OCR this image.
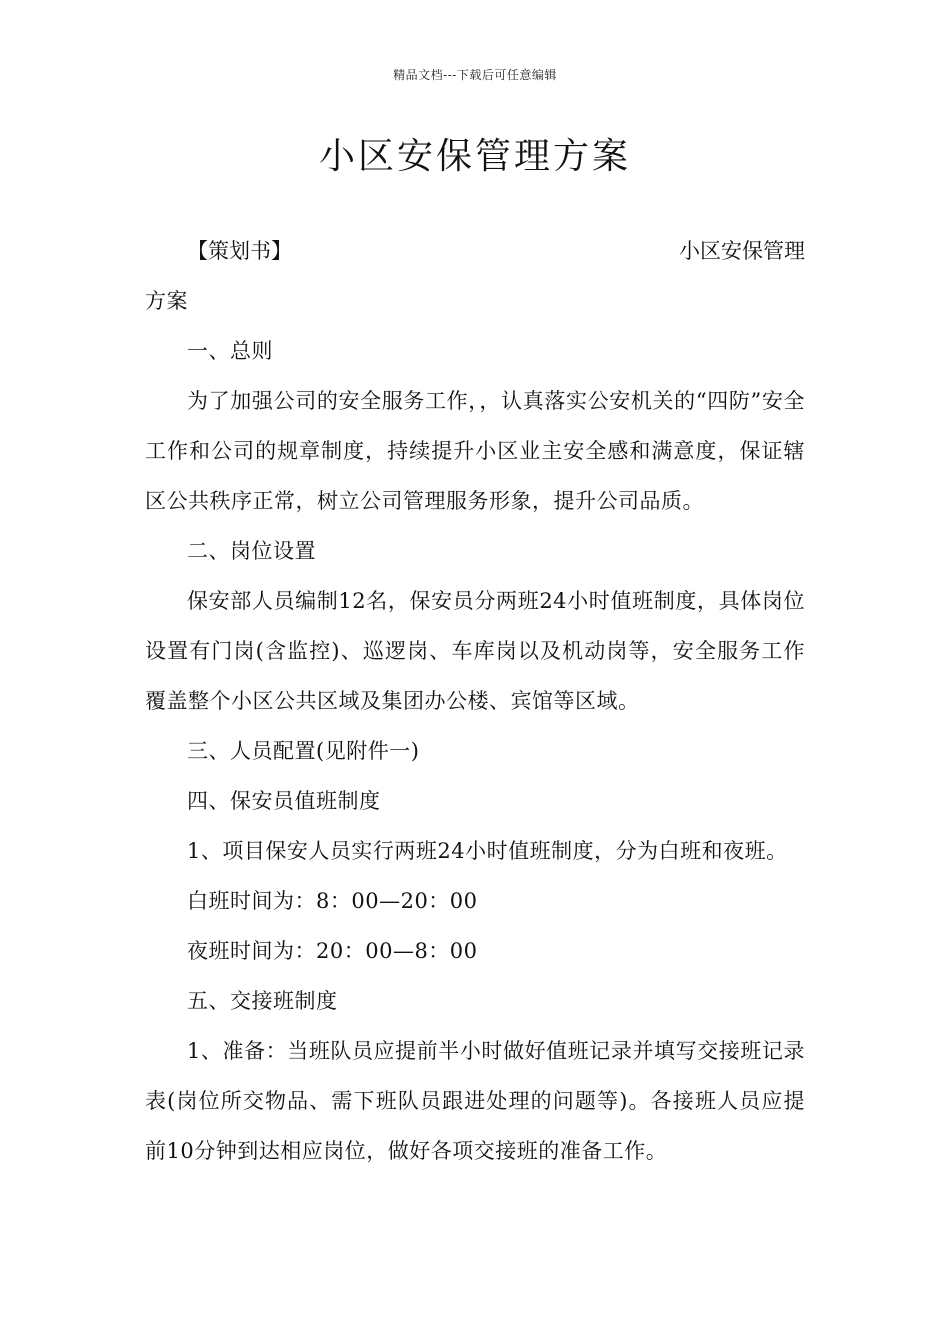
精品文档---下载后可任意编辑
小区安保管理方案
【策划书】	小区安保管理

方案

一、总则

为了加强公司的安全服务工作，，认真落实公安机关的“四防”安全工作和公司的规章制度，持续提升小区业主安全感和满意度，保证辖区公共秩序正常，树立公司管理服务形象，提升公司品质。

二、岗位设置

保安部人员编制12名，保安员分两班24小时值班制度，具体岗位设置有门岗(含监控)、巡逻岗、车库岗以及机动岗等，安全服务工作覆盖整个小区公共区域及集团办公楼、宾馆等区域。

三、人员配置(见附件一)

四、保安员值班制度

1、项目保安人员实行两班24小时值班制度，分为白班和夜班。

白班时间为：8：00—20：00

夜班时间为：20：00—8：00

五、交接班制度

1、准备：当班队员应提前半小时做好值班记录并填写交接班记录表(岗位所交物品、需下班队员跟进处理的问题等)。各接班人员应提前10分钟到达相应岗位，做好各项交接班的准备工作。
